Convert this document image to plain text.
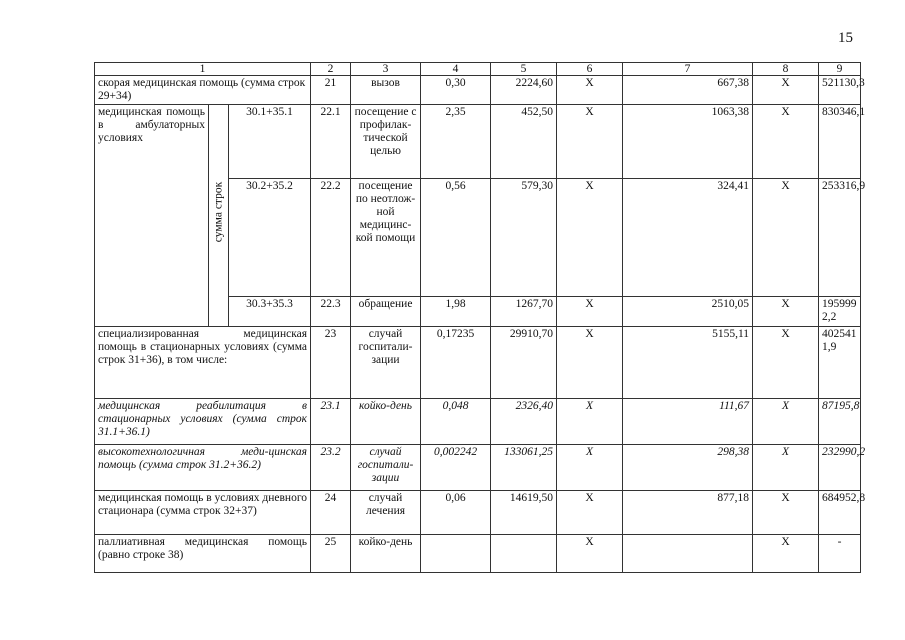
15
1			2	3	4	5	6	7	8	9	
скорая медицинская помощь (сумма строк 29+34)			21	вызов	0,30	2224,60	X	667,38	X	521130,3	
медицинская помощь в амбулаторных условиях	сумма строк	30.1+35.1	22.1	посещение с профилак-тической целью	2,35	452,50	X	1063,38	X	830346,1	
		30.2+35.2	22.2	посещение по неотлож-ной медицинс-кой помощи	0,56	579,30	X	324,41	X	253316,9	
		30.3+35.3	22.3	обращение	1,98	1267,70	X	2510,05	X	1959992,2	
специализированная медицинская помощь в стационарных условиях (сумма строк 31+36), в том числе:			23	случай госпитали-зации	0,17235	29910,70	X	5155,11	X	4025411,9	
медицинская реабилитация в стационарных условиях (сумма строк 31.1+36.1)			23.1	койко-день	0,048	2326,40	X	111,67	X	87195,8	
высокотехнологичная меди-цинская помощь (сумма строк 31.2+36.2)			23.2	случай госпитали-зации	0,002242	133061,25	X	298,38	X	232990,2	
медицинская помощь в условиях дневного стационара (сумма строк 32+37)			24	случай лечения	0,06	14619,50	X	877,18	X	684952,8	
паллиативная медицинская помощь (равно строке 38)			25	койко-день			X		X	-	
